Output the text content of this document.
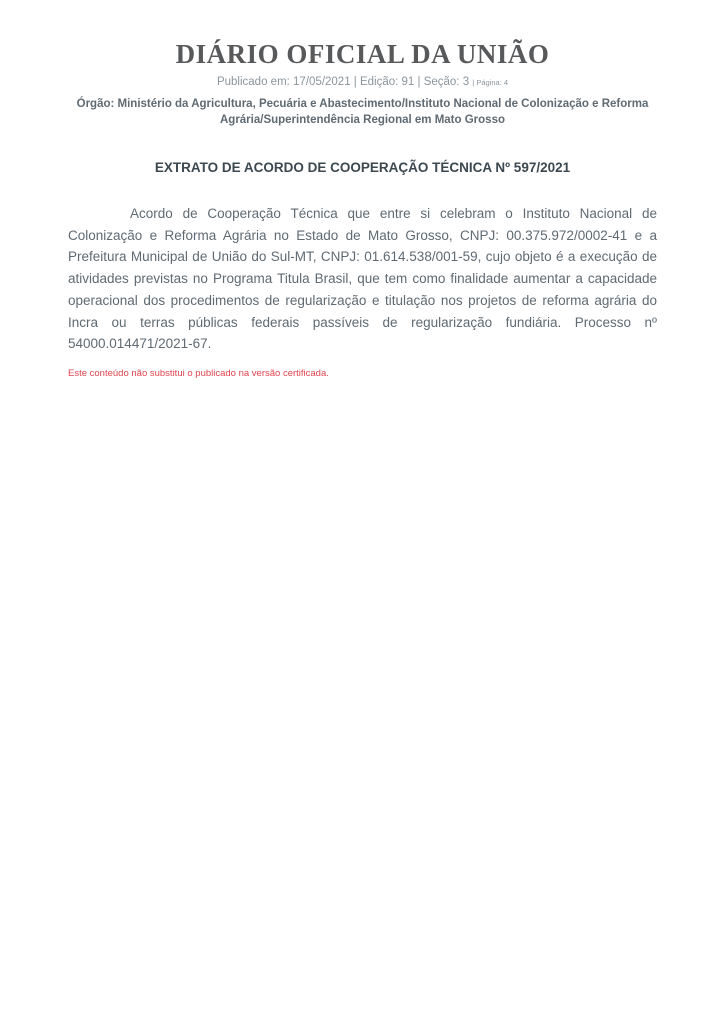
DIÁRIO OFICIAL DA UNIÃO
Publicado em: 17/05/2021 | Edição: 91 | Seção: 3 | Página: 4
Órgão: Ministério da Agricultura, Pecuária e Abastecimento/Instituto Nacional de Colonização e Reforma Agrária/Superintendência Regional em Mato Grosso
EXTRATO DE ACORDO DE COOPERAÇÃO TÉCNICA Nº 597/2021

Acordo de Cooperação Técnica que entre si celebram o Instituto Nacional de Colonização e Reforma Agrária no Estado de Mato Grosso, CNPJ: 00.375.972/0002-41 e a Prefeitura Municipal de União do Sul-MT, CNPJ: 01.614.538/001-59, cujo objeto é a execução de atividades previstas no Programa Titula Brasil, que tem como finalidade aumentar a capacidade operacional dos procedimentos de regularização e titulação nos projetos de reforma agrária do Incra ou terras públicas federais passíveis de regularização fundiária. Processo nº 54000.014471/2021-67.

Este conteúdo não substitui o publicado na versão certificada.
